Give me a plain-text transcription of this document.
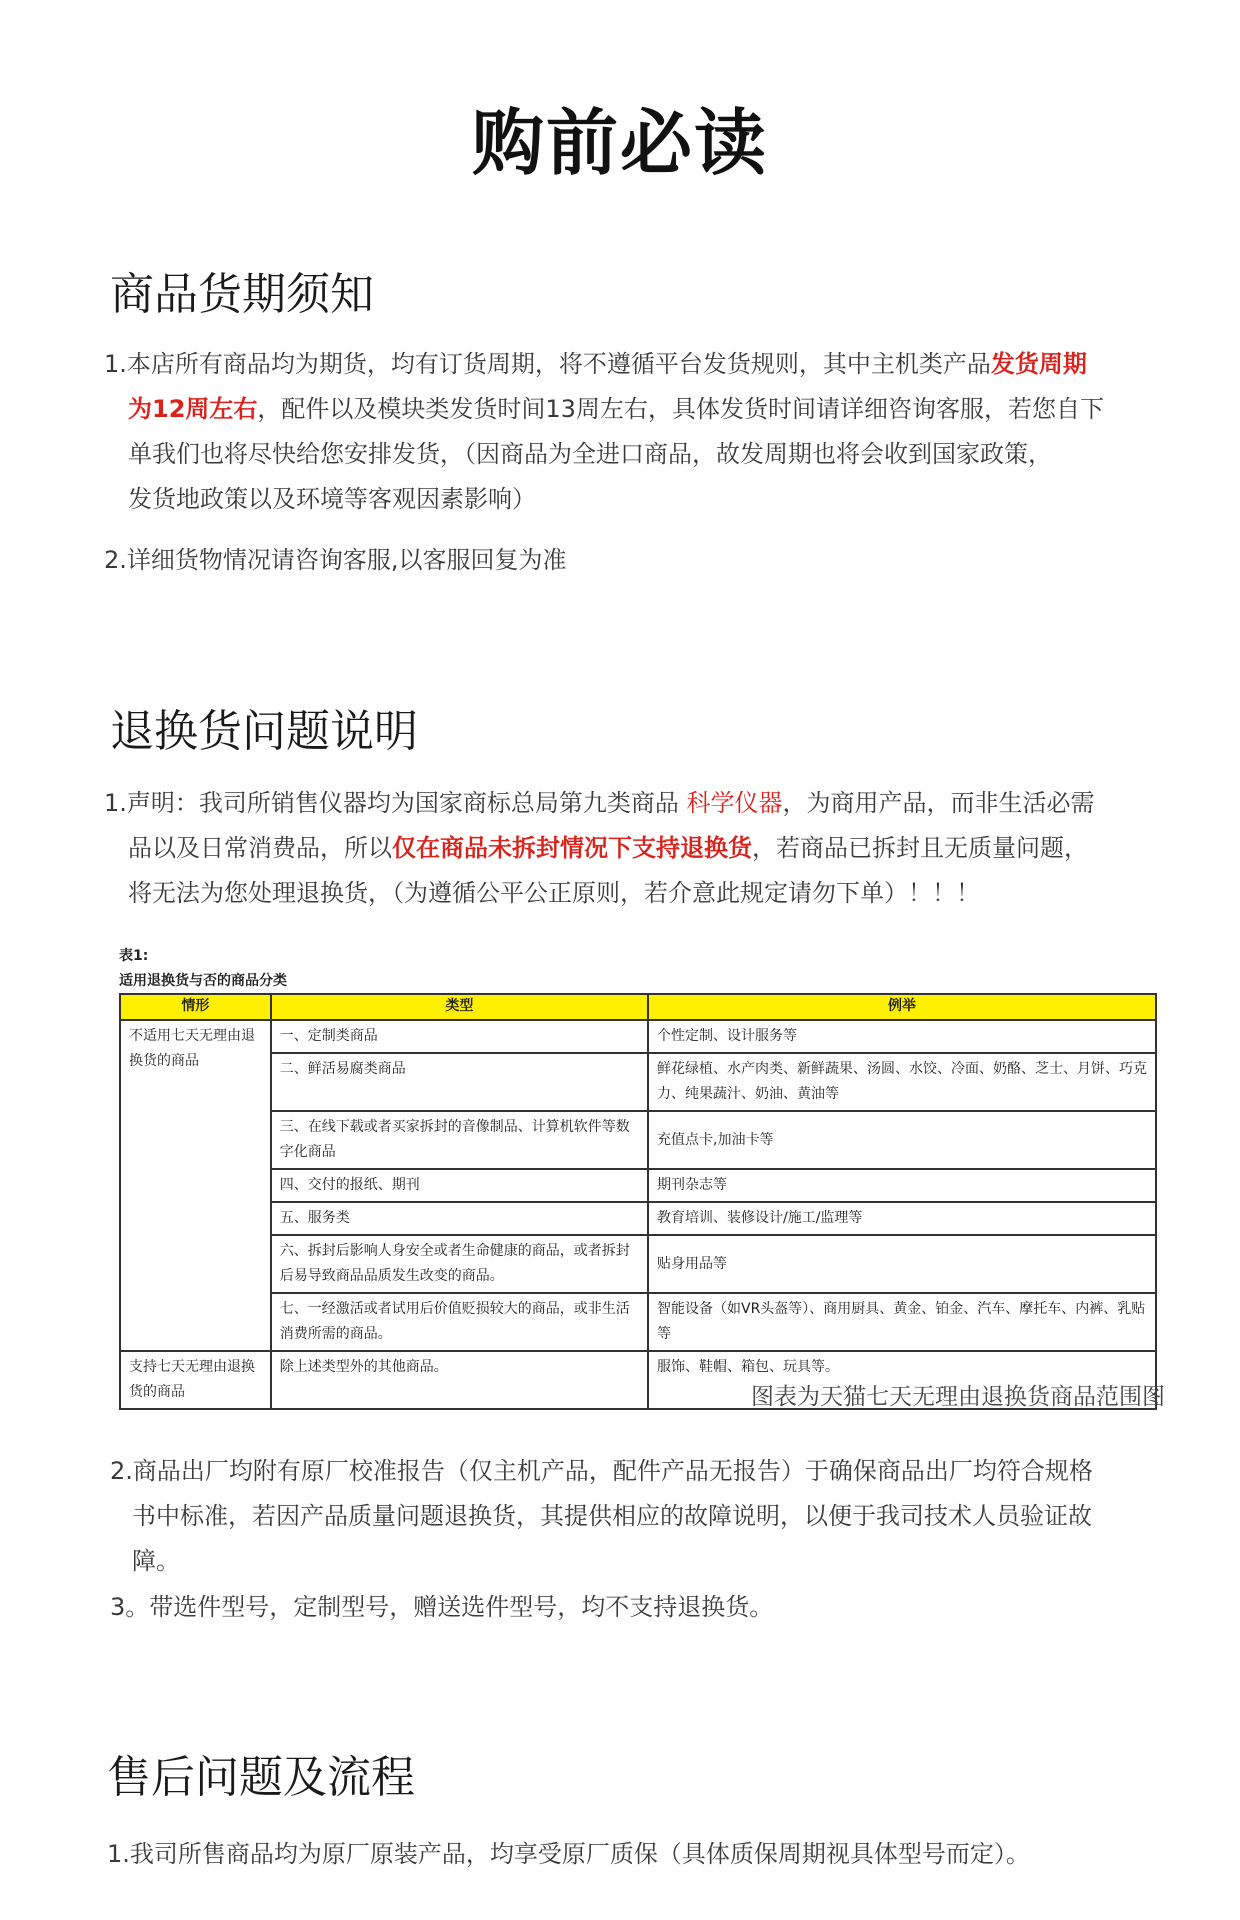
购前必读
商品货期须知
1.本店所有商品均为期货，均有订货周期，将不遵循平台发货规则，其中主机类产品发货周期
为12周左右，配件以及模块类发货时间13周左右，具体发货时间请详细咨询客服，若您自下
单我们也将尽快给您安排发货，（因商品为全进口商品，故发周期也将会收到国家政策，
发货地政策以及环境等客观因素影响）
2.详细货物情况请咨询客服,以客服回复为准
退换货问题说明
1.声明：我司所销售仪器均为国家商标总局第九类商品 科学仪器，为商用产品，而非生活必需
品以及日常消费品，所以仅在商品未拆封情况下支持退换货，若商品已拆封且无质量问题，
将无法为您处理退换货，（为遵循公平公正原则，若介意此规定请勿下单）！！！
表1:
适用退换货与否的商品分类
情形	类型	例举
不适用七天无理由退换货的商品	一、定制类商品	个性定制、设计服务等
	二、鲜活易腐类商品	鲜花绿植、水产肉类、新鲜蔬果、汤圆、水饺、冷面、奶酪、芝士、月饼、巧克力、纯果蔬汁、奶油、黄油等
	三、在线下载或者买家拆封的音像制品、计算机软件等数字化商品	充值点卡,加油卡等
	四、交付的报纸、期刊	期刊杂志等
	五、服务类	教育培训、装修设计/施工/监理等
	六、拆封后影响人身安全或者生命健康的商品，或者拆封后易导致商品品质发生改变的商品。	贴身用品等
	七、一经激活或者试用后价值贬损较大的商品，或非生活消费所需的商品。	智能设备（如VR头盔等）、商用厨具、黄金、铂金、汽车、摩托车、内裤、乳贴等
支持七天无理由退换货的商品	除上述类型外的其他商品。	服饰、鞋帽、箱包、玩具等。
图表为天猫七天无理由退换货商品范围图
2.商品出厂均附有原厂校准报告（仅主机产品，配件产品无报告）于确保商品出厂均符合规格
书中标准，若因产品质量问题退换货，其提供相应的故障说明，以便于我司技术人员验证故
障。
3。带选件型号，定制型号，赠送选件型号，均不支持退换货。
售后问题及流程
1.我司所售商品均为原厂原装产品，均享受原厂质保（具体质保周期视具体型号而定）。
